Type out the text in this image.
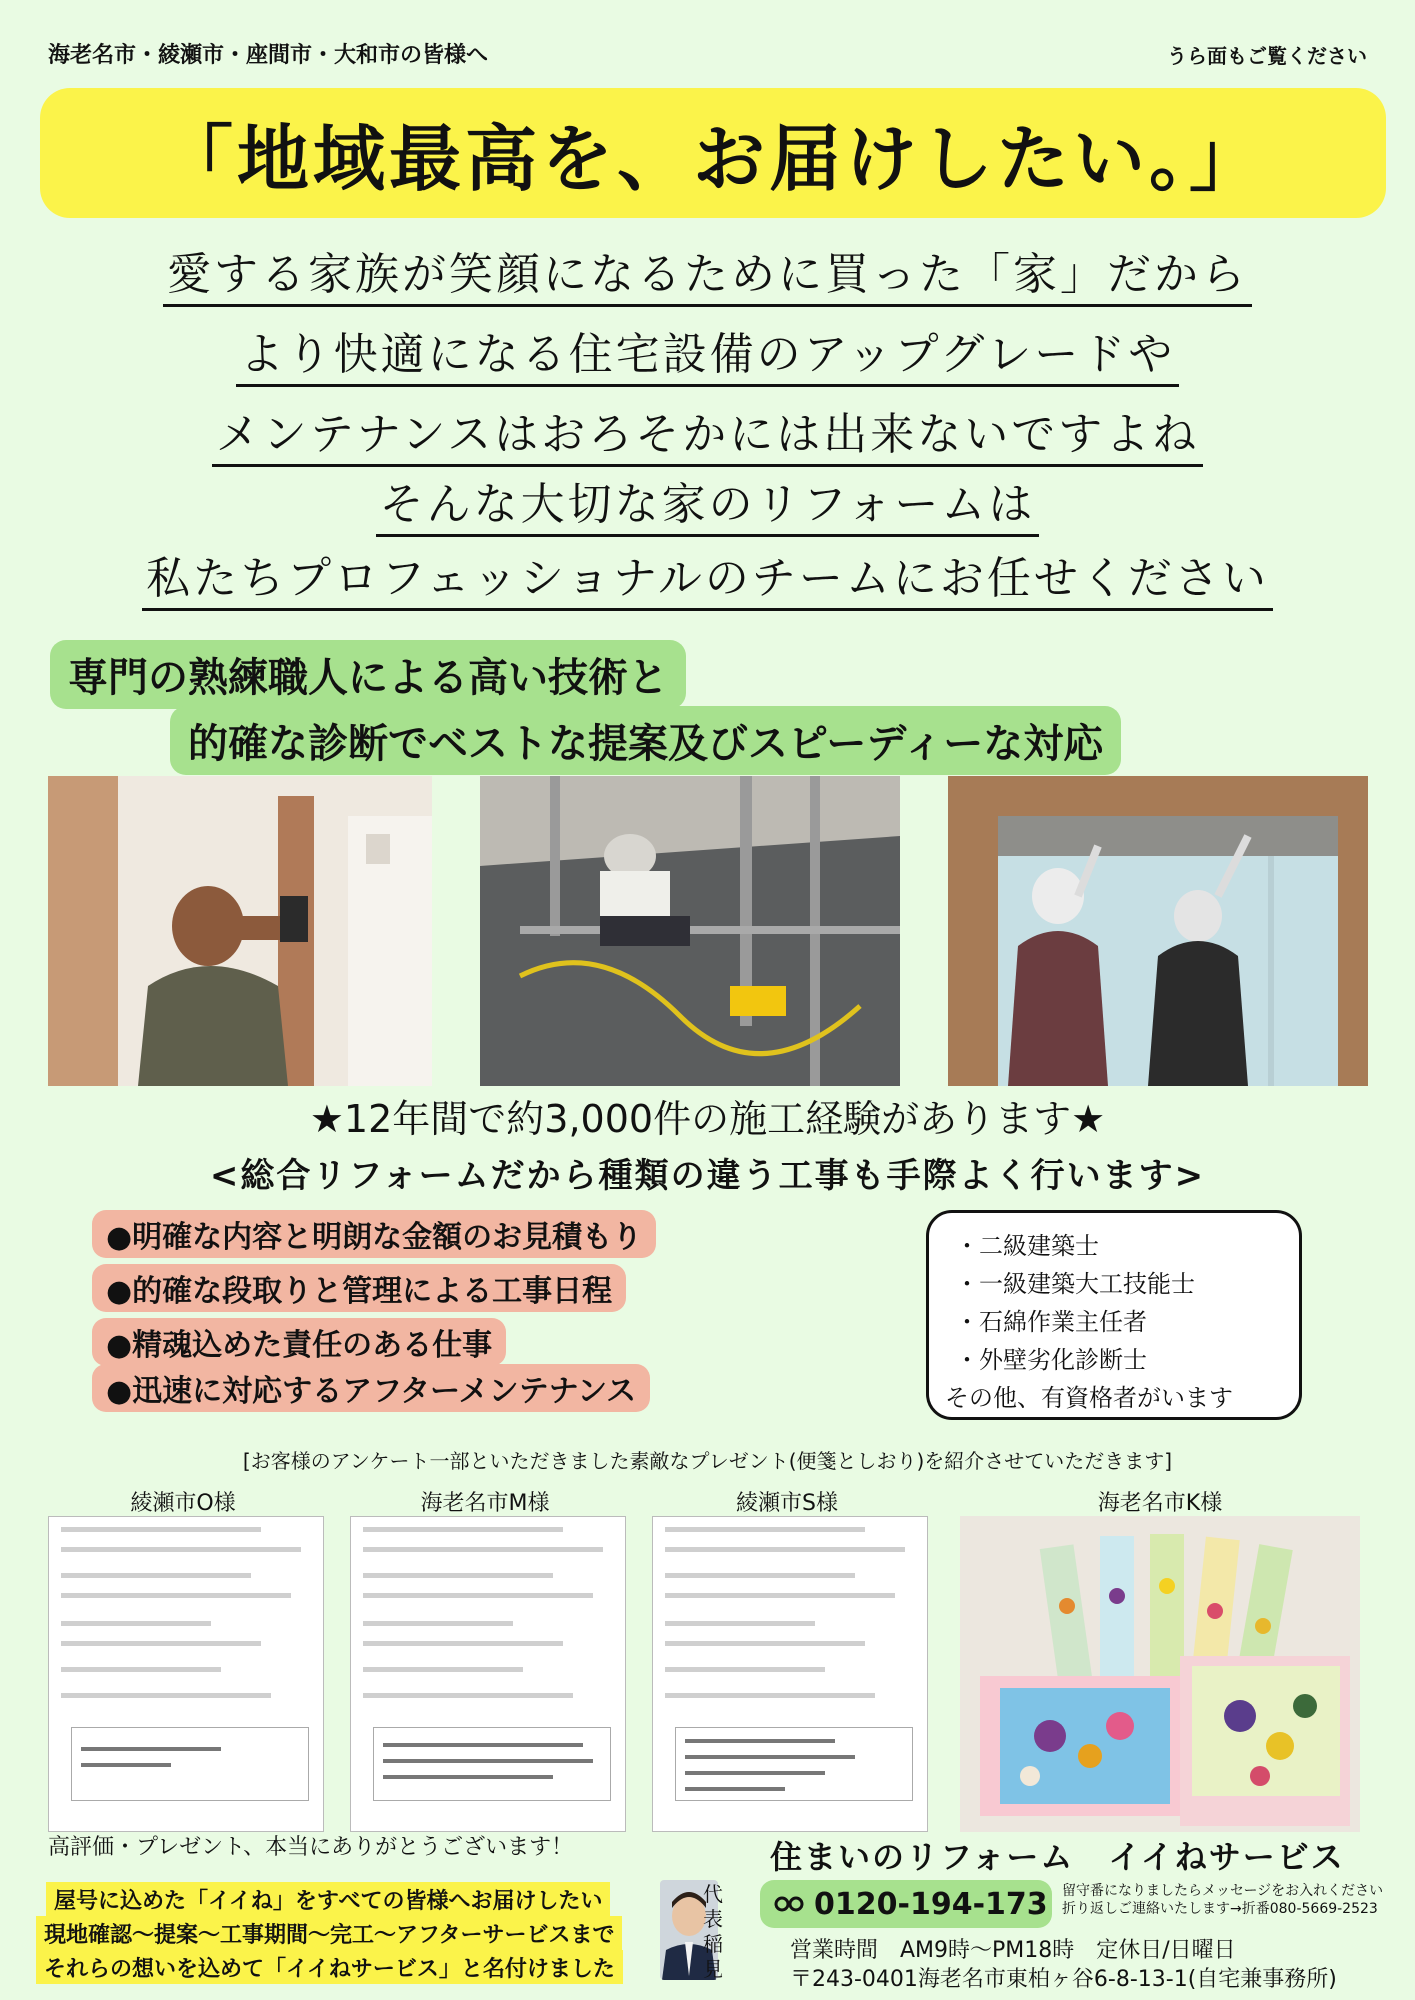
海老名市・綾瀬市・座間市・大和市の皆様へ	うら面もご覧ください
「地域最高を、お届けしたい。」
愛する家族が笑顔になるために買った「家」だから
より快適になる住宅設備のアップグレードや
メンテナンスはおろそかには出来ないですよね
そんな大切な家のリフォームは
私たちプロフェッショナルのチームにお任せください
専門の熟練職人による高い技術と
的確な診断でベストな提案及びスピーディーな対応
★12年間で約3,000件の施工経験があります★
<総合リフォームだから種類の違う工事も手際よく行います>
●明確な内容と明朗な金額のお見積もり
●的確な段取りと管理による工事日程
●精魂込めた責任のある仕事
●迅速に対応するアフターメンテナンス
・二級建築士
・一級建築大工技能士
・石綿作業主任者
・外壁劣化診断士
その他、有資格者がいます
[お客様のアンケート一部といただきました素敵なプレゼント(便箋としおり)を紹介させていただきます]
綾瀬市O様	海老名市M様	綾瀬市S様	海老名市K様
高評価・プレゼント、本当にありがとうございます！	住まいのリフォーム　イイねサービス
0120-194-173 留守番になりましたらメッセージをお入れください
折り返しご連絡いたします→折番080-5669-2523
営業時間　AM9時〜PM18時　定休日/日曜日
〒243-0401海老名市東柏ヶ谷6-8-13-1(自宅兼事務所)
代表稲見
屋号に込めた「イイね」をすべての皆様へお届けしたい
現地確認〜提案〜工事期間〜完工〜アフターサービスまで
それらの想いを込めて「イイねサービス」と名付けました
